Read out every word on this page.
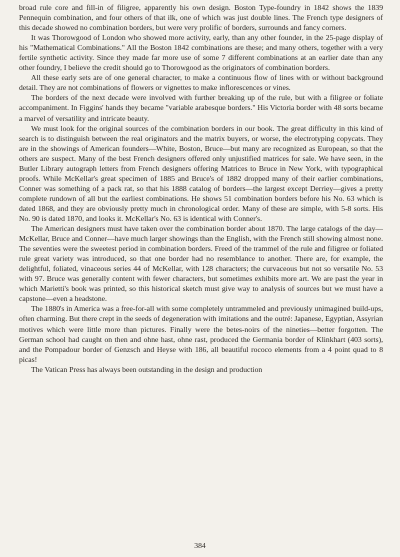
broad rule core and fill-in of filigree, apparently his own design. Boston Type-foundry in 1842 shows the 1839 Pennequin combination, and four others of that ilk, one of which was just double lines. The French type designers of this decade showed no combination borders, but were very prolific of borders, surrounds and fancy corners.

It was Thorowgood of London who showed more activity, early, than any other founder, in the 25-page display of his "Mathematical Combinations." All the Boston 1842 combinations are these; and many others, together with a very fertile synthetic activity. Since they made far more use of some 7 different combinations at an earlier date than any other foundry, I believe the credit should go to Thorowgood as the originators of combination borders.

All these early sets are of one general character, to make a continuous flow of lines with or without background detail. They are not combinations of flowers or vignettes to make inflorescences or vines.

The borders of the next decade were involved with further breaking up of the rule, but with a filigree or foliate accompaniment. In Figgins' hands they became "variable arabesque borders." His Victoria border with 48 sorts became a marvel of versatility and intricate beauty.

We must look for the original sources of the combination borders in our book. The great difficulty in this kind of search is to distinguish between the real originators and the matrix buyers, or worse, the electrotyping copycats. They are in the showings of American founders—White, Boston, Bruce—but many are recognized as European, so that the others are suspect. Many of the best French designers offered only unjustified matrices for sale. We have seen, in the Butler Library autograph letters from French designers offering Matrices to Bruce in New York, with typographical proofs. While McKellar's great specimen of 1885 and Bruce's of 1882 dropped many of their earlier combinations, Conner was something of a pack rat, so that his 1888 catalog of borders—the largest except Derriey—gives a pretty complete rundown of all but the earliest combinations. He shows 51 combination borders before his No. 63 which is dated 1868, and they are obviously pretty much in chronological order. Many of these are simple, with 5-8 sorts. His No. 90 is dated 1870, and looks it. McKellar's No. 63 is identical with Conner's.

The American designers must have taken over the combination border about 1870. The large catalogs of the day—McKellar, Bruce and Conner—have much larger showings than the English, with the French still showing almost none. The seventies were the sweetest period in combination borders. Freed of the trammel of the rule and filigree or foliated rule great variety was introduced, so that one border had no resemblance to another. There are, for example, the delightful, foliated, vinaceous series 44 of McKellar, with 128 characters; the curvaceous but not so versatile No. 53 with 97. Bruce was generally content with fewer characters, but sometimes exhibits more art. We are past the year in which Marietti's book was printed, so this historical sketch must give way to analysis of sources but we must have a capstone—even a headstone.

The 1880's in America was a free-for-all with some completely untrammeled and previously unimagined build-ups, often charming. But there crept in the seeds of degeneration with imitations and the outré: Japanese, Egyptian, Assyrian motives which were little more than pictures. Finally were the betes-noirs of the nineties—better forgotten. The German school had caught on then and ohne hast, ohne rast, produced the Germania border of Klinkhart (403 sorts), and the Pompadour border of Genzsch and Heyse with 186, all beautiful rococo elements from a 4 point quad to 8 picas!

The Vatican Press has always been outstanding in the design and production

384
